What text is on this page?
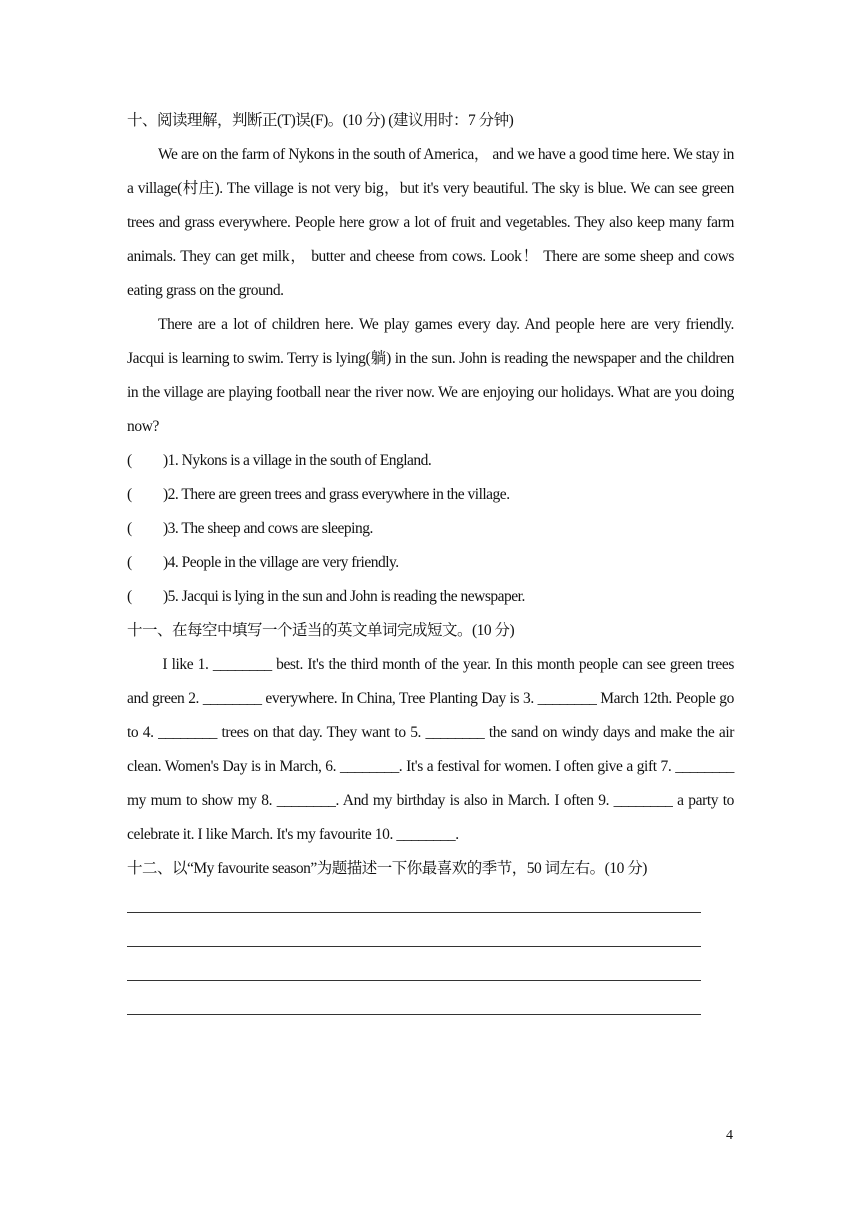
十、阅读理解，判断正(T)误(F)。(10 分) (建议用时：7 分钟)
We are on the farm of Nykons in the south of America， and we have a good time here. We stay in a village(村庄). The village is not very big，but it's very beautiful. The sky is blue. We can see green trees and grass everywhere. People here grow a lot of fruit and vegetables. They also keep many farm animals. They can get milk， butter and cheese from cows. Look！ There are some sheep and cows eating grass on the ground.
There are a lot of children here. We play games every day. And people here are very friendly. Jacqui is learning to swim. Terry is lying(躺) in the sun. John is reading the newspaper and the children in the village are playing football near the river now. We are enjoying our holidays. What are you doing now?
(	)1. Nykons is a village in the south of England.
(	)2. There are green trees and grass everywhere in the village.
(	)3. The sheep and cows are sleeping.
(	)4. People in the village are very friendly.
(	)5. Jacqui is lying in the sun and John is reading the newspaper.
十一、在每空中填写一个适当的英文单词完成短文。(10 分)
I like 1. ________ best. It's the third month of the year. In this month people can see green trees and green 2. ________ everywhere. In China, Tree Planting Day is 3. ________ March 12th. People go to 4. ________ trees on that day. They want to 5. ________ the sand on windy days and make the air clean. Women's Day is in March, 6. ________. It's a festival for women. I often give a gift 7. ________ my mum to show my 8. ________. And my birthday is also in March. I often 9. ________ a party to celebrate it. I like March. It's my favourite 10. ________.
十二、以“My favourite season”为题描述一下你最喜欢的季节，50 词左右。(10 分)
4
